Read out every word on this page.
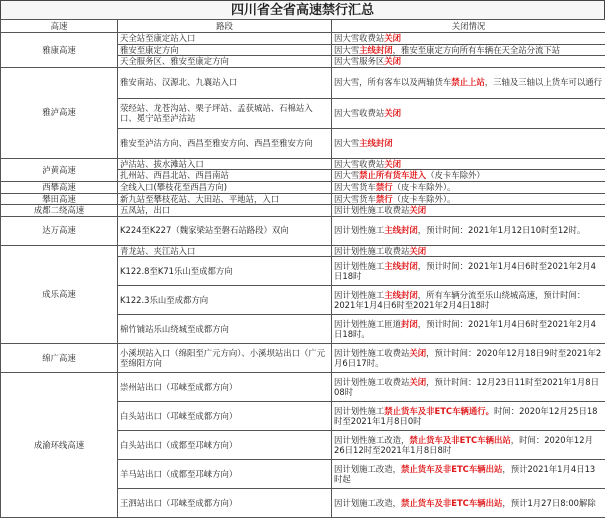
四川省全省高速禁行汇总
高速	路段	关闭情况
雅康高速	天全站至康定站入口	因大雪收费站关闭
	雅安至康定方向	因大雪主线封闭，雅安至康定方向所有车辆在天全站分流下站
	天全服务区、雅安至康定方向	因大雪服务区关闭
雅泸高速	雅安南站、汉源北、九襄站入口	因大雪，所有客车以及两轴货车禁止上站，三轴及三轴以上货车可以通行
	荥经站、龙苍沟站、栗子坪站、孟获城站、石棉站入口、冕宁站至泸沽站	因大雪收费站关闭
	雅安至泸沽方向、西昌至雅安方向、西昌至雅安方向	因大雪主线封闭
泸黄高速	泸沽站、拔水滩站入口	因大雪收费站关闭
	扎州站、西昌北站、西昌南站	因大雪禁止所有货车进入（皮卡车除外）
西攀高速	全线入口(攀枝花至西昌方向)	因大雪货车禁行（皮卡车除外）。
攀田高速	新九站至攀枝花站、大田站、平地站，入口	因大雪货车禁行（皮卡车除外）。
成都二绕高速	五凤站，出口	因计划性施工收费站关闭
达万高速	K224至K227（魏家梁站至磐石站路段）双向	因计划性施工主线封闭，预计时间：2021年1月12日10时至12时。
成乐高速	青龙站、夹江站入口	因计划性施工收费站关闭
	K122.8至K71乐山至成都方向	因计划性施工主线封闭，预计时间：2021年1月4日6时至2021年2月4日18时
	K122.3乐山至成都方向	因计划性施工主线封闭，所有车辆分流至乐山绕城高速，预计时间：2021年1月4日6时至2021年2月4日18时
	棉竹铺站乐山绕城至成都方向	因计划性施工匝道封闭，预计时间：2021年1月4日6时至2021年2月4日18时。
绵广高速	小溪坝站入口（绵阳至广元方向）、小溪坝站出口（广元至绵阳方向	因计划性施工收费站关闭，预计时间：2020年12月18日9时至2021年2月6日17时。
成渝环线高速	崇州站出口（邛崃至成都方向）	因计划性施工收费站关闭，预计时间：12月23日11时至2021年1月8日08时
	白头站出口（邛崃至成都方向）	因计划性施工禁止货车及非ETC车辆通行。时间：2020年12月25日18时至2021年1月8日0时
	白头站出口（成都至邛崃方向）	因计划性施工改造，禁止货车及非ETC车辆出站，时间：2020年12月26日12时至2021年1月8日8时
	羊马站出口（成都至邛崃方向）	因计划施工改造，禁止货车及非ETC车辆出站，预计2021年1月4日13时起
	王泗站出口（邛崃至成都方向）	因计划施工改造，禁止货车及非ETC车辆出站，预计1月27日8:00解除
